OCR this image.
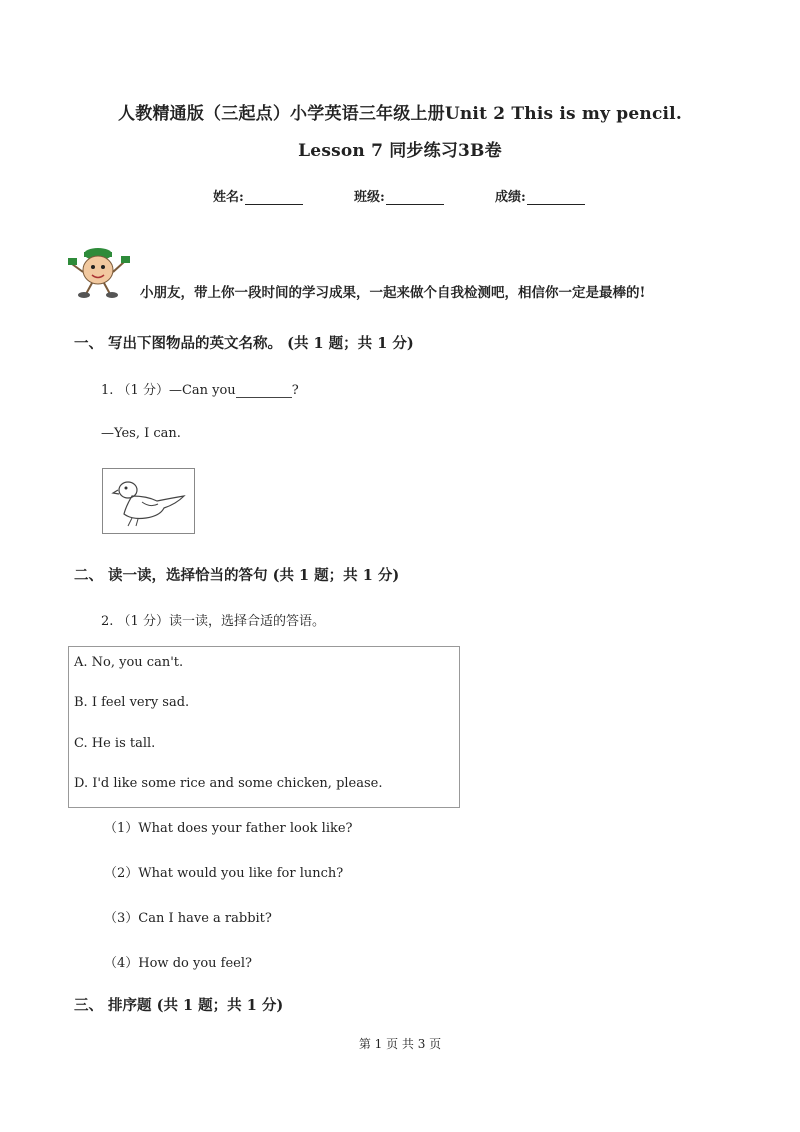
人教精通版（三起点）小学英语三年级上册Unit 2 This is my pencil.
Lesson 7 同步练习3B卷
姓名:	班级:	成绩:
小朋友，带上你一段时间的学习成果，一起来做个自我检测吧，相信你一定是最棒的!
一、 写出下图物品的英文名称。 (共 1 题；共 1 分)
1. （1 分）—Can you	?
—Yes, I can.
二、 读一读，选择恰当的答句 (共 1 题；共 1 分)
2. （1 分）读一读，选择合适的答语。
A. No, you can't.
B. I feel very sad.
C. He is tall.
D. I'd like some rice and some chicken, please.
（1）What does your father look like?
（2）What would you like for lunch?
（3）Can I have a rabbit?
（4）How do you feel?
三、 排序题 (共 1 题；共 1 分)
第 1 页 共 3 页
